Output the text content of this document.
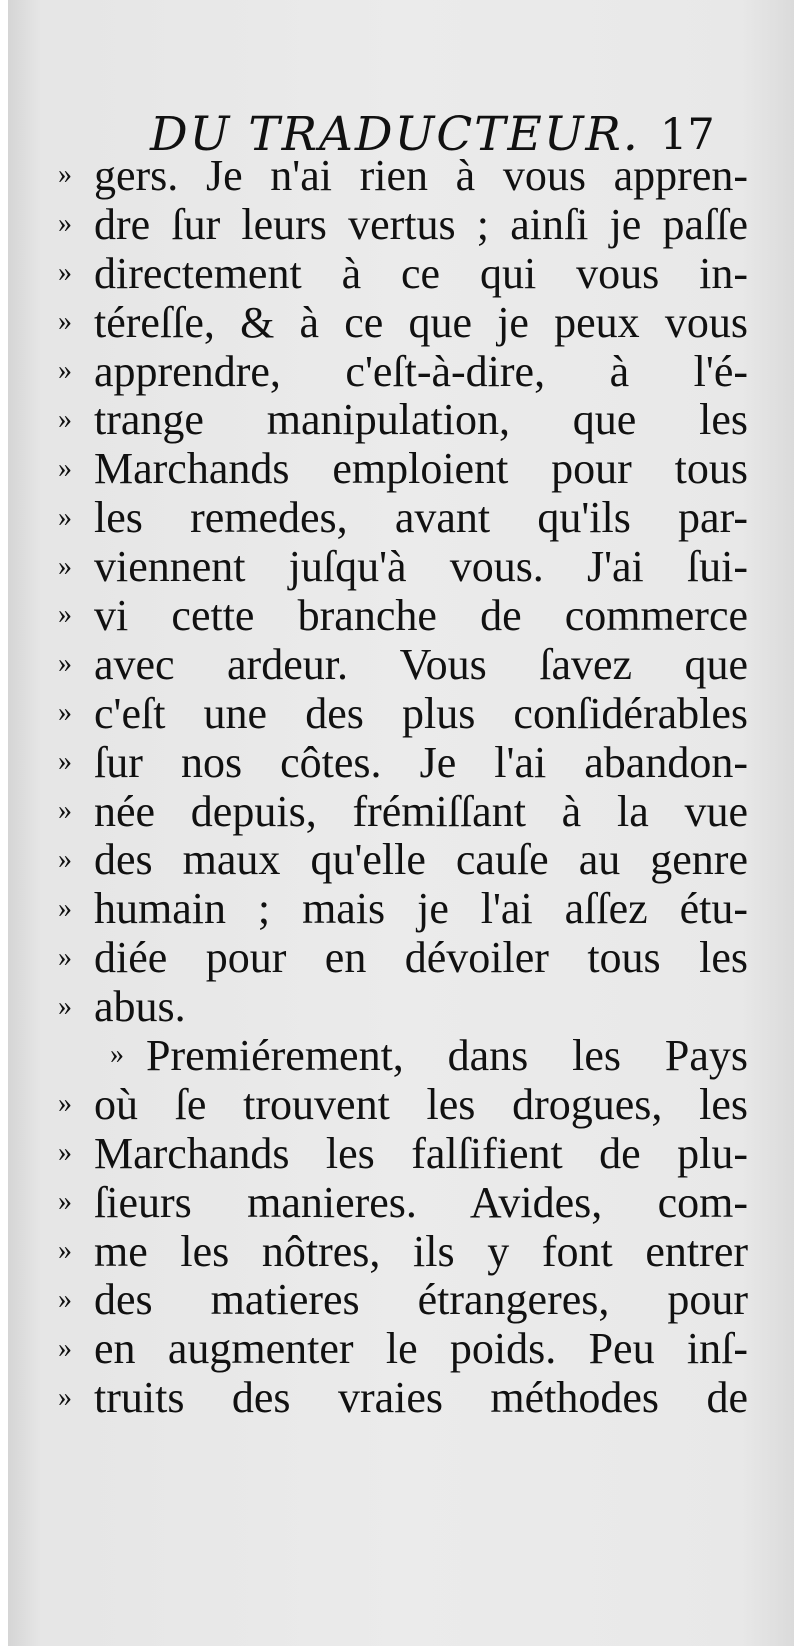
DU TRADUCTEUR. 17
» gers. Je n'ai rien à vous appren-
» dre ſur leurs vertus ; ainſi je paſſe
» directement à ce qui vous in-
» téreſſe, & à ce que je peux vous
» apprendre, c'eſt-à-dire, à l'é-
» trange manipulation, que les
» Marchands emploient pour tous
» les remedes, avant qu'ils par-
» viennent juſqu'à vous. J'ai ſui-
» vi cette branche de commerce
» avec ardeur. Vous ſavez que
» c'eſt une des plus conſidérables
» ſur nos côtes. Je l'ai abandon-
» née depuis, frémiſſant à la vue
» des maux qu'elle cauſe au genre
» humain ; mais je l'ai aſſez étu-
» diée pour en dévoiler tous les
» abus.
» Premiérement, dans les Pays
» où ſe trouvent les drogues, les
» Marchands les falſifient de plu-
» ſieurs manieres. Avides, com-
» me les nôtres, ils y font entrer
» des matieres étrangeres, pour
» en augmenter le poids. Peu inſ-
» truits des vraies méthodes de
